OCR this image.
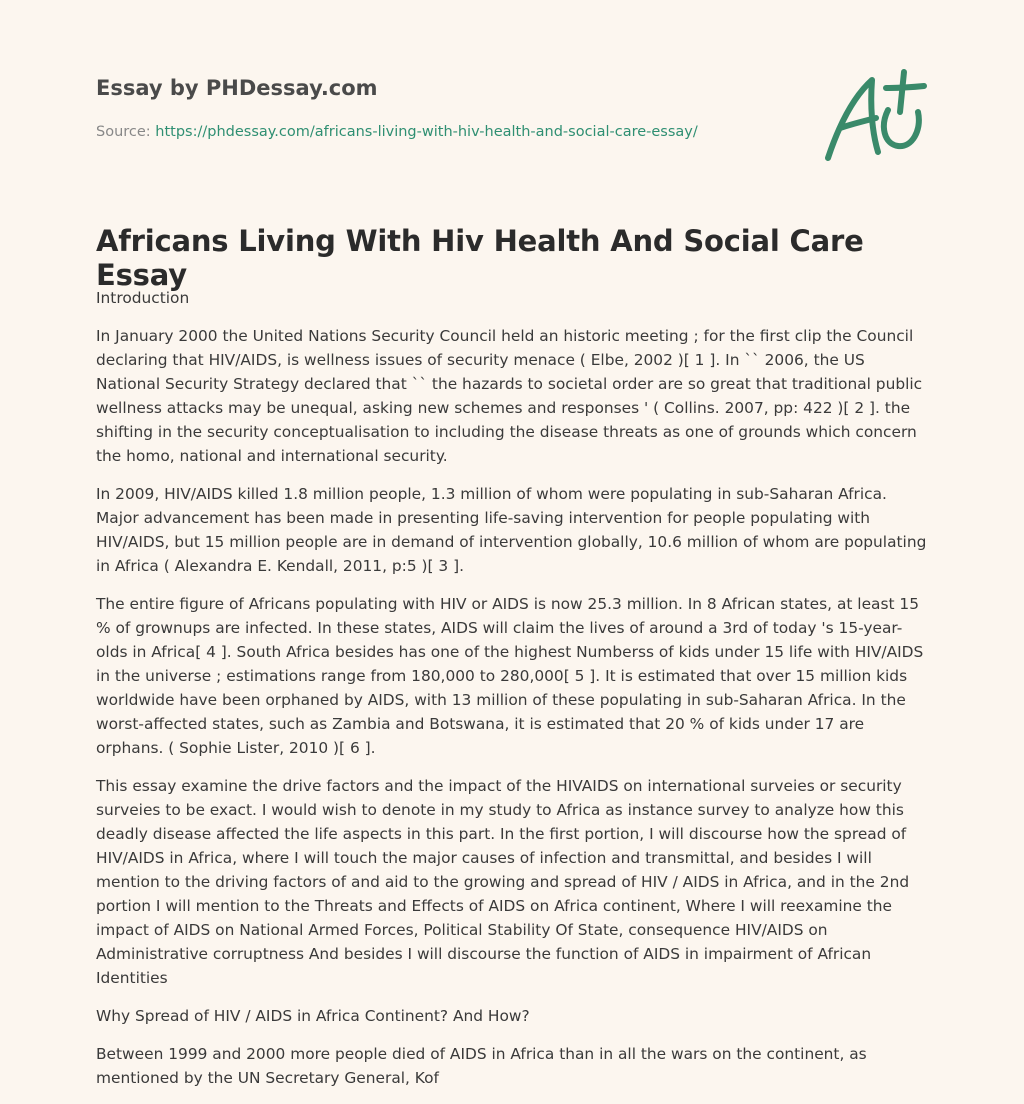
Essay by PHDessay.com
Source: https://phdessay.com/africans-living-with-hiv-health-and-social-care-essay/
Africans Living With Hiv Health And Social Care Essay

Introduction

In January 2000 the United Nations Security Council held an historic meeting ; for the first clip the Council declaring that HIV/AIDS, is wellness issues of security menace ( Elbe, 2002 )[ 1 ]. In `` 2006, the US National Security Strategy declared that `` the hazards to societal order are so great that traditional public wellness attacks may be unequal, asking new schemes and responses ' ( Collins. 2007, pp: 422 )[ 2 ]. the shifting in the security conceptualisation to including the disease threats as one of grounds which concern the homo, national and international security.

In 2009, HIV/AIDS killed 1.8 million people, 1.3 million of whom were populating in sub-Saharan Africa. Major advancement has been made in presenting life-saving intervention for people populating with HIV/AIDS, but 15 million people are in demand of intervention globally, 10.6 million of whom are populating in Africa ( Alexandra E. Kendall, 2011, p:5 )[ 3 ].

The entire figure of Africans populating with HIV or AIDS is now 25.3 million. In 8 African states, at least 15 % of grownups are infected. In these states, AIDS will claim the lives of around a 3rd of today 's 15-year-olds in Africa[ 4 ]. South Africa besides has one of the highest Numberss of kids under 15 life with HIV/AIDS in the universe ; estimations range from 180,000 to 280,000[ 5 ]. It is estimated that over 15 million kids worldwide have been orphaned by AIDS, with 13 million of these populating in sub-Saharan Africa. In the worst-affected states, such as Zambia and Botswana, it is estimated that 20 % of kids under 17 are orphans. ( Sophie Lister, 2010 )[ 6 ].

This essay examine the drive factors and the impact of the HIVAIDS on international surveies or security surveies to be exact. I would wish to denote in my study to Africa as instance survey to analyze how this deadly disease affected the life aspects in this part. In the first portion, I will discourse how the spread of HIV/AIDS in Africa, where I will touch the major causes of infection and transmittal, and besides I will mention to the driving factors of and aid to the growing and spread of HIV / AIDS in Africa, and in the 2nd portion I will mention to the Threats and Effects of AIDS on Africa continent, Where I will reexamine the impact of AIDS on National Armed Forces, Political Stability Of State, consequence HIV/AIDS on Administrative corruptness And besides I will discourse the function of AIDS in impairment of African Identities

Why Spread of HIV / AIDS in Africa Continent? And How?

Between 1999 and 2000 more people died of AIDS in Africa than in all the wars on the continent, as mentioned by the UN Secretary General, Kof
